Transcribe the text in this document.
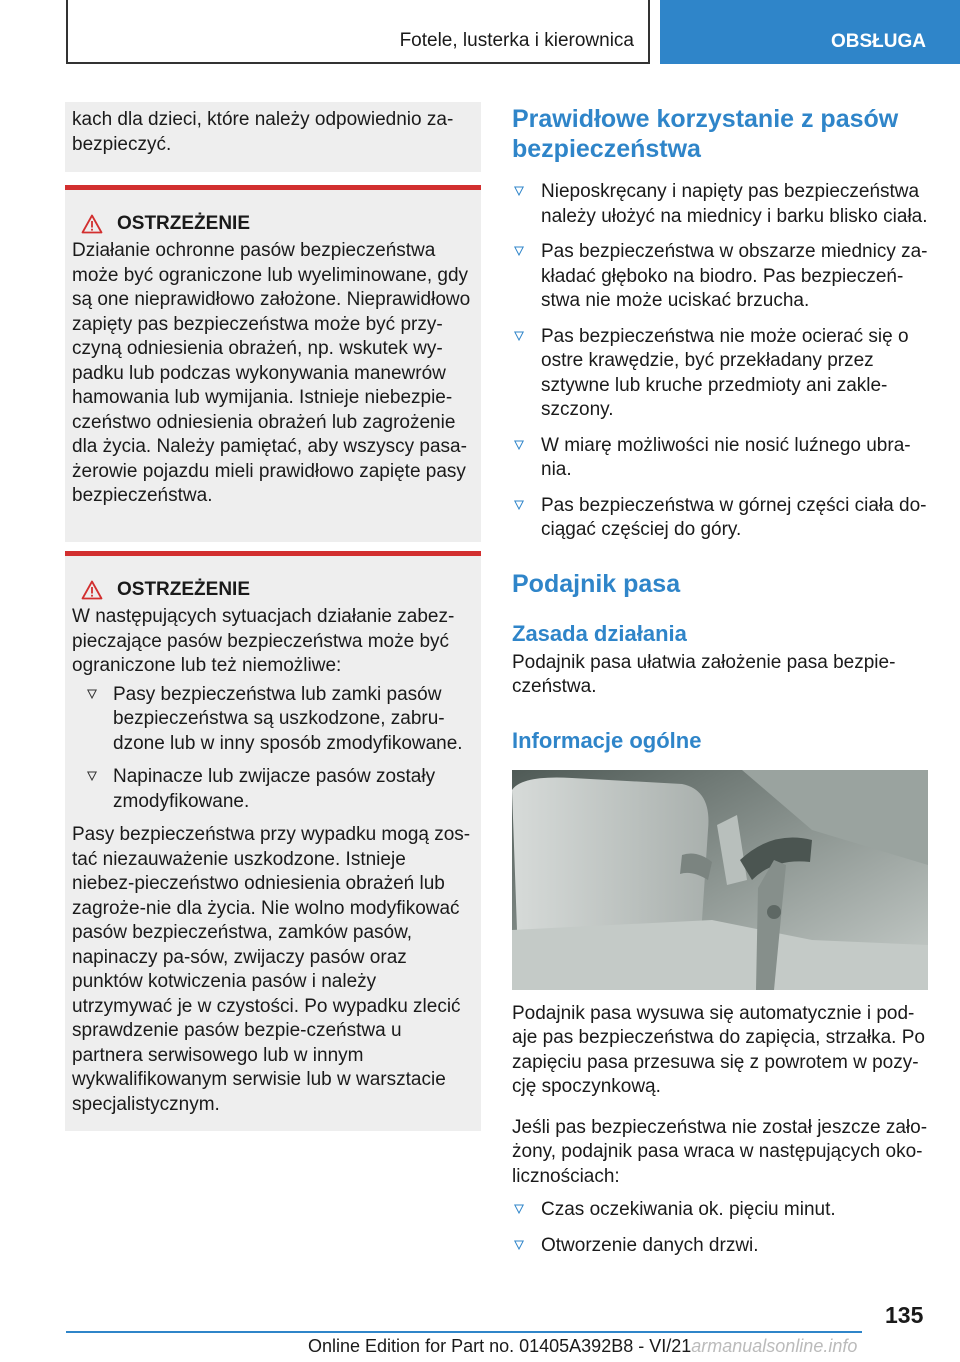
Fotele, lusterka i kierownica	OBSŁUGA

kach dla dzieci, które należy odpowiednio za-bezpieczyć.

OSTRZEŻENIE

Działanie ochronne pasów bezpieczeństwa może być ograniczone lub wyeliminowane, gdy są one nieprawidłowo założone. Nieprawidłowo zapięty pas bezpieczeństwa może być przy-czyną odniesienia obrażeń, np. wskutek wy-padku lub podczas wykonywania manewrów hamowania lub wymijania. Istnieje niebezpie-czeństwo odniesienia obrażeń lub zagrożenie dla życia. Należy pamiętać, aby wszyscy pasa-żerowie pojazdu mieli prawidłowo zapięte pasy bezpieczeństwa.

OSTRZEŻENIE

W następujących sytuacjach działanie zabez-pieczające pasów bezpieczeństwa może być ograniczone lub też niemożliwe:

Pasy bezpieczeństwa lub zamki pasów bezpieczeństwa są uszkodzone, zabru-dzone lub w inny sposób zmodyfikowane.
Napinacze lub zwijacze pasów zostały zmodyfikowane.

Pasy bezpieczeństwa przy wypadku mogą zos-tać niezauważenie uszkodzone. Istnieje niebez-pieczeństwo odniesienia obrażeń lub zagroże-nie dla życia. Nie wolno modyfikować pasów bezpieczeństwa, zamków pasów, napinaczy pa-sów, zwijaczy pasów oraz punktów kotwiczenia pasów i należy utrzymywać je w czystości. Po wypadku zlecić sprawdzenie pasów bezpie-czeństwa u partnera serwisowego lub w innym wykwalifikowanym serwisie lub w warsztacie specjalistycznym.

Prawidłowe korzystanie z pasów bezpieczeństwa
Nieposkręcany i napięty pas bezpieczeństwa należy ułożyć na miednicy i barku blisko ciała.
Pas bezpieczeństwa w obszarze miednicy za-kładać głęboko na biodro. Pas bezpieczeń-stwa nie może uciskać brzucha.
Pas bezpieczeństwa nie może ocierać się o ostre krawędzie, być przekładany przez sztywne lub kruche przedmioty ani zakle-szczony.
W miarę możliwości nie nosić luźnego ubra-nia.
Pas bezpieczeństwa w górnej części ciała do-ciągać częściej do góry.
Podajnik pasa
Zasada działania

Podajnik pasa ułatwia założenie pasa bezpie-czeństwa.

Informacje ogólne

Podajnik pasa wysuwa się automatycznie i pod-aje pas bezpieczeństwa do zapięcia, strzałka. Po zapięciu pasa przesuwa się z powrotem w pozy-cję spoczynkową.

Jeśli pas bezpieczeństwa nie został jeszcze zało-żony, podajnik pasa wraca w następujących oko-licznościach:

Czas oczekiwania ok. pięciu minut.
Otworzenie danych drzwi.
135
Online Edition for Part no. 01405A392B8 - VI/21armanualsonline.info
